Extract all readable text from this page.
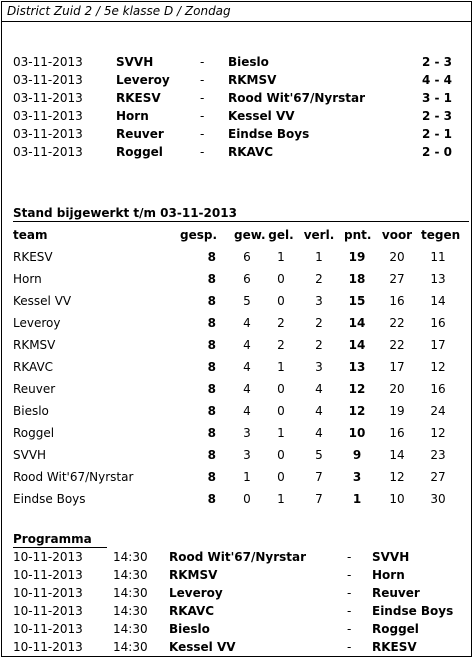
District Zuid 2 / 5e klasse D / Zondag
03-11-2013	SVVH	- Bieslo	2 - 3
03-11-2013	Leveroy	- RKMSV	4 - 4
03-11-2013	RKESV	- Rood Wit'67/Nyrstar	3 - 1
03-11-2013	Horn	- Kessel VV	2 - 3
03-11-2013	Reuver	- Eindse Boys	2 - 1
03-11-2013	Roggel	- RKAVC	2 - 0
Stand bijgewerkt t/m 03-11-2013
team	gesp. gew. gel. verl. pnt. voor tegen
RKESV	8	6	1	1	19	20	11
Horn	8	6	0	2	18	27	13
Kessel VV	8	5	0	3	15	16	14
Leveroy	8	4	2	2	14	22	16
RKMSV	8	4	2	2	14	22	17
RKAVC	8	4	1	3	13	17	12
Reuver	8	4	0	4	12	20	16
Bieslo	8	4	0	4	12	19	24
Roggel	8	3	1	4	10	16	12
SVVH	8	3	0	5	9	14	23
Rood Wit'67/Nyrstar	8	1	0	7	3	12	27
Eindse Boys	8	0	1	7	1	10	30
Programma
10-11-2013	14:30 Rood Wit'67/Nyrstar	- SVVH
10-11-2013	14:30 RKMSV	- Horn
10-11-2013	14:30 Leveroy	- Reuver
10-11-2013	14:30 RKAVC	- Eindse Boys
10-11-2013	14:30 Bieslo	- Roggel
10-11-2013	14:30 Kessel VV	- RKESV
